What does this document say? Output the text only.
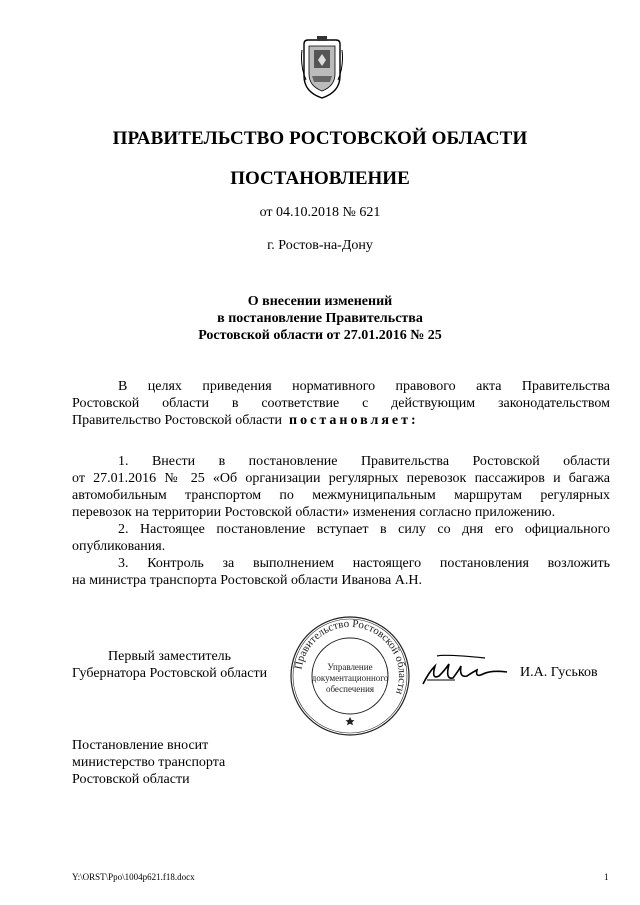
ПРАВИТЕЛЬСТВО РОСТОВСКОЙ ОБЛАСТИ
ПОСТАНОВЛЕНИЕ
от 04.10.2018 № 621
г. Ростов-на-Дону
О внесении изменений
в постановление Правительства
Ростовской области от 27.01.2016 № 25
В целях приведения нормативного правового акта Правительства
Ростовской области в соответствие с действующим законодательством
Правительство Ростовской области постановляет:
1. Внести в постановление Правительства Ростовской области
от 27.01.2016 № 25 «Об организации регулярных перевозок пассажиров и багажа
автомобильным транспортом по межмуниципальным маршрутам регулярных
перевозок на территории Ростовской области» изменения согласно приложению.
2. Настоящее постановление вступает в силу со дня его официального
опубликования.
3. Контроль за выполнением настоящего постановления возложить
на министра транспорта Ростовской области Иванова А.Н.
Первый заместитель
Губернатора Ростовской области
Правительство Ростовской области
Управление
документационного
обеспечения
И.А. Гуськов
Постановление вносит
министерство транспорта
Ростовской области
Y:\ORST\Ppo\1004p621.f18.docx	1
